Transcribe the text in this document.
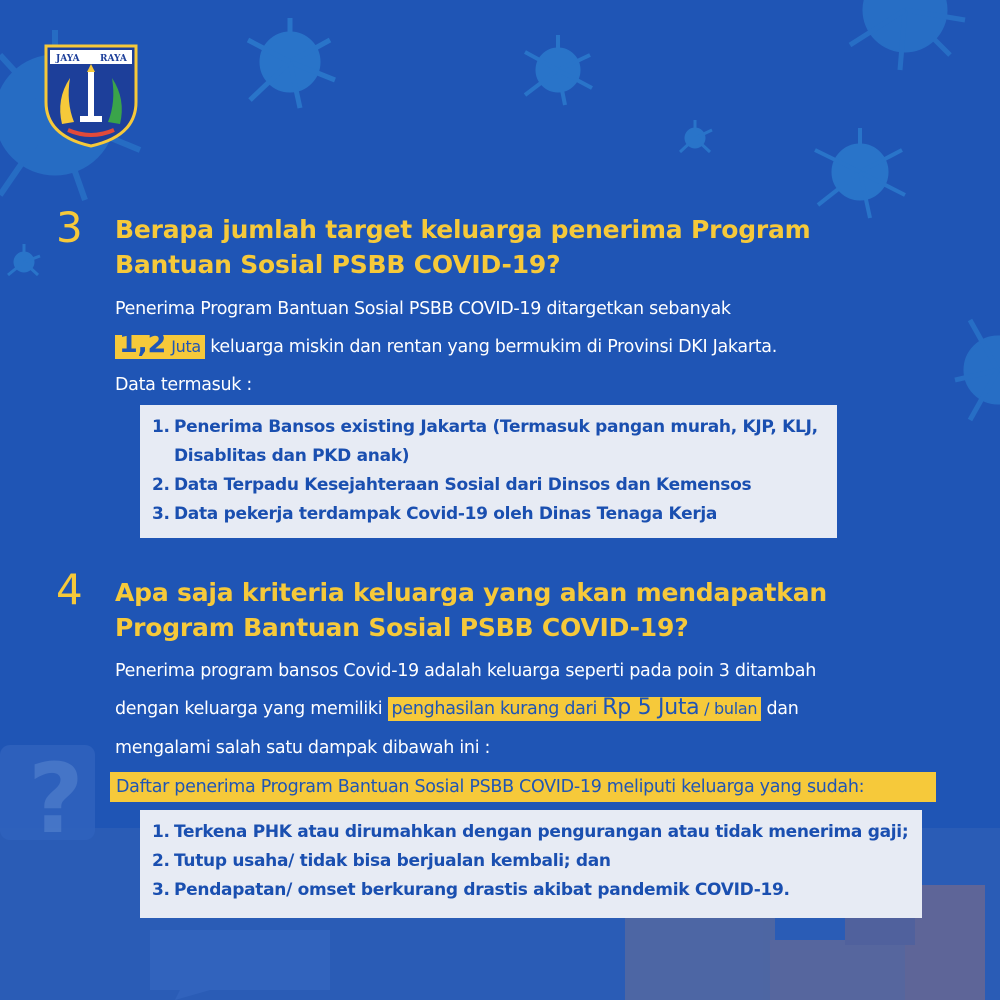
?
JAYA RAYA
3 Berapa jumlah target keluarga penerima Program
Bantuan Sosial PSBB COVID-19?
Penerima Program Bantuan Sosial PSBB COVID-19 ditargetkan sebanyak
1,2 Juta keluarga miskin dan rentan yang bermukim di Provinsi DKI Jakarta.
Data termasuk :
1. Penerima Bansos existing Jakarta (Termasuk pangan murah, KJP, KLJ,
Disablitas dan PKD anak)
2. Data Terpadu Kesejahteraan Sosial dari Dinsos dan Kemensos
3. Data pekerja terdampak Covid-19 oleh Dinas Tenaga Kerja
4 Apa saja kriteria keluarga yang akan mendapatkan
Program Bantuan Sosial PSBB COVID-19?
Penerima program bansos Covid-19 adalah keluarga seperti pada poin 3 ditambah
dengan keluarga yang memiliki penghasilan kurang dari Rp 5 Juta / bulan dan
mengalami salah satu dampak dibawah ini :
Daftar penerima Program Bantuan Sosial PSBB COVID-19 meliputi keluarga yang sudah:
1. Terkena PHK atau dirumahkan dengan pengurangan atau tidak menerima gaji;
2. Tutup usaha/ tidak bisa berjualan kembali; dan
3. Pendapatan/ omset berkurang drastis akibat pandemik COVID-19.
